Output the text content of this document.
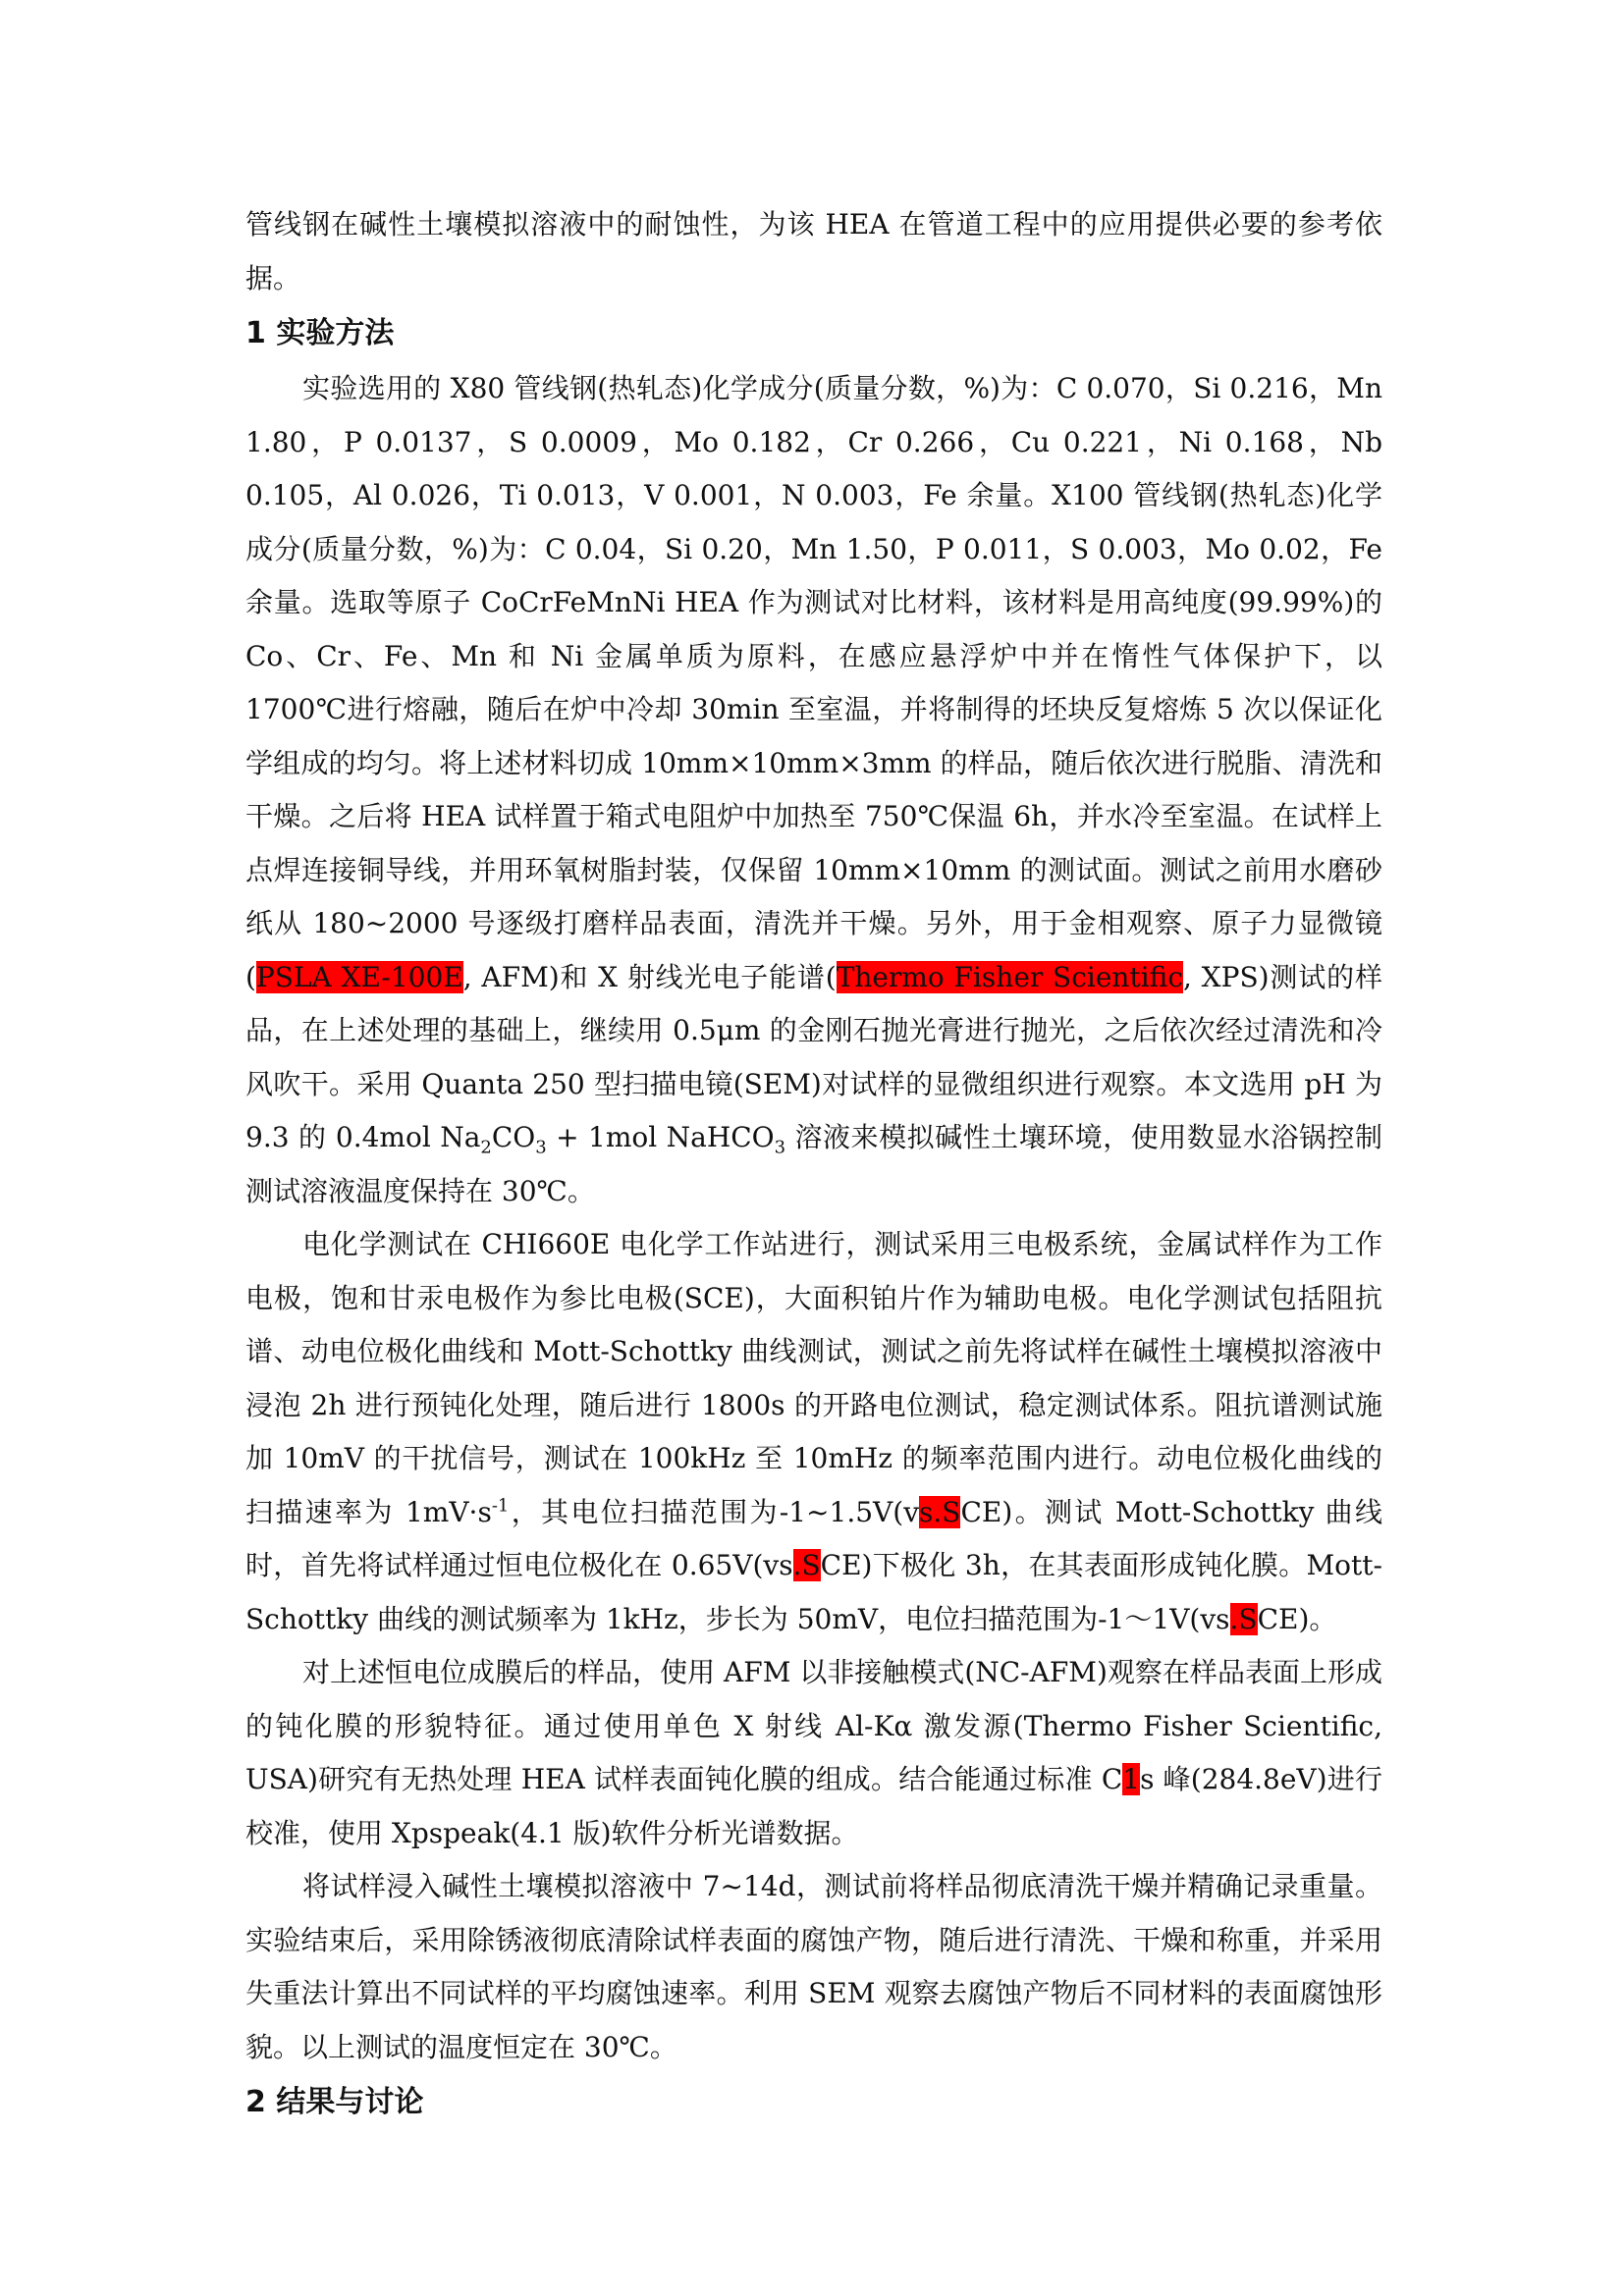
管线钢在碱性土壤模拟溶液中的耐蚀性，为该 HEA 在管道工程中的应用提供必要的参考依据。

1 实验方法

实验选用的 X80 管线钢(热轧态)化学成分(质量分数，%)为：C 0.070，Si 0.216，Mn 1.80，P 0.0137，S 0.0009，Mo 0.182，Cr 0.266，Cu 0.221，Ni 0.168，Nb 0.105，Al 0.026，Ti 0.013，V 0.001，N 0.003，Fe 余量。X100 管线钢(热轧态)化学成分(质量分数，%)为：C 0.04，Si 0.20，Mn 1.50，P 0.011，S 0.003，Mo 0.02，Fe 余量。选取等原子 CoCrFeMnNi HEA 作为测试对比材料，该材料是用高纯度(99.99%)的 Co、Cr、Fe、Mn 和 Ni 金属单质为原料，在感应悬浮炉中并在惰性气体保护下，以 1700℃进行熔融，随后在炉中冷却 30min 至室温，并将制得的坯块反复熔炼 5 次以保证化学组成的均匀。将上述材料切成 10mm×10mm×3mm 的样品，随后依次进行脱脂、清洗和干燥。之后将 HEA 试样置于箱式电阻炉中加热至 750℃保温 6h，并水冷至室温。在试样上点焊连接铜导线，并用环氧树脂封装，仅保留 10mm×10mm 的测试面。测试之前用水磨砂纸从 180~2000 号逐级打磨样品表面，清洗并干燥。另外，用于金相观察、原子力显微镜(PSLA XE-100E, AFM)和 X 射线光电子能谱(Thermo Fisher Scientific, XPS)测试的样品，在上述处理的基础上，继续用 0.5μm 的金刚石抛光膏进行抛光，之后依次经过清洗和冷风吹干。采用 Quanta 250 型扫描电镜(SEM)对试样的显微组织进行观察。本文选用 pH 为 9.3 的 0.4mol $Na_2CO_3 + 1mol$ NaHCO$_3$ 溶液来模拟碱性土壤环境，使用数显水浴锅控制测试溶液温度保持在 30℃。

电化学测试在 CHI660E 电化学工作站进行，测试采用三电极系统，金属试样作为工作电极，饱和甘汞电极作为参比电极(SCE)，大面积铂片作为辅助电极。电化学测试包括阻抗谱、动电位极化曲线和 Mott-Schottky 曲线测试，测试之前先将试样在碱性土壤模拟溶液中浸泡 2h 进行预钝化处理，随后进行 1800s 的开路电位测试，稳定测试体系。阻抗谱测试施加 10mV 的干扰信号，测试在 100kHz 至 10mHz 的频率范围内进行。动电位极化曲线的扫描速率为 $1mV\cdot s^{-1}$，其电位扫描范围为-1~1.5V(vs.SCE)。测试 Mott-Schottky 曲线时，首先将试样通过恒电位极化在 0.65V(vs.SCE)下极化 3h，在其表面形成钝化膜。Mott-Schottky 曲线的测试频率为 1kHz，步长为 50mV，电位扫描范围为-1～1V(vs.SCE)。

对上述恒电位成膜后的样品，使用 AFM 以非接触模式(NC-AFM)观察在样品表面上形成的钝化膜的形貌特征。通过使用单色 X 射线 Al-Kα 激发源(Thermo Fisher Scientific, USA)研究有无热处理 HEA 试样表面钝化膜的组成。结合能通过标准 C1s 峰(284.8eV)进行校准，使用 Xpspeak(4.1 版)软件分析光谱数据。

将试样浸入碱性土壤模拟溶液中 7~14d，测试前将样品彻底清洗干燥并精确记录重量。实验结束后，采用除锈液彻底清除试样表面的腐蚀产物，随后进行清洗、干燥和称重，并采用失重法计算出不同试样的平均腐蚀速率。利用 SEM 观察去腐蚀产物后不同材料的表面腐蚀形貌。以上测试的温度恒定在 30℃。

2 结果与讨论
